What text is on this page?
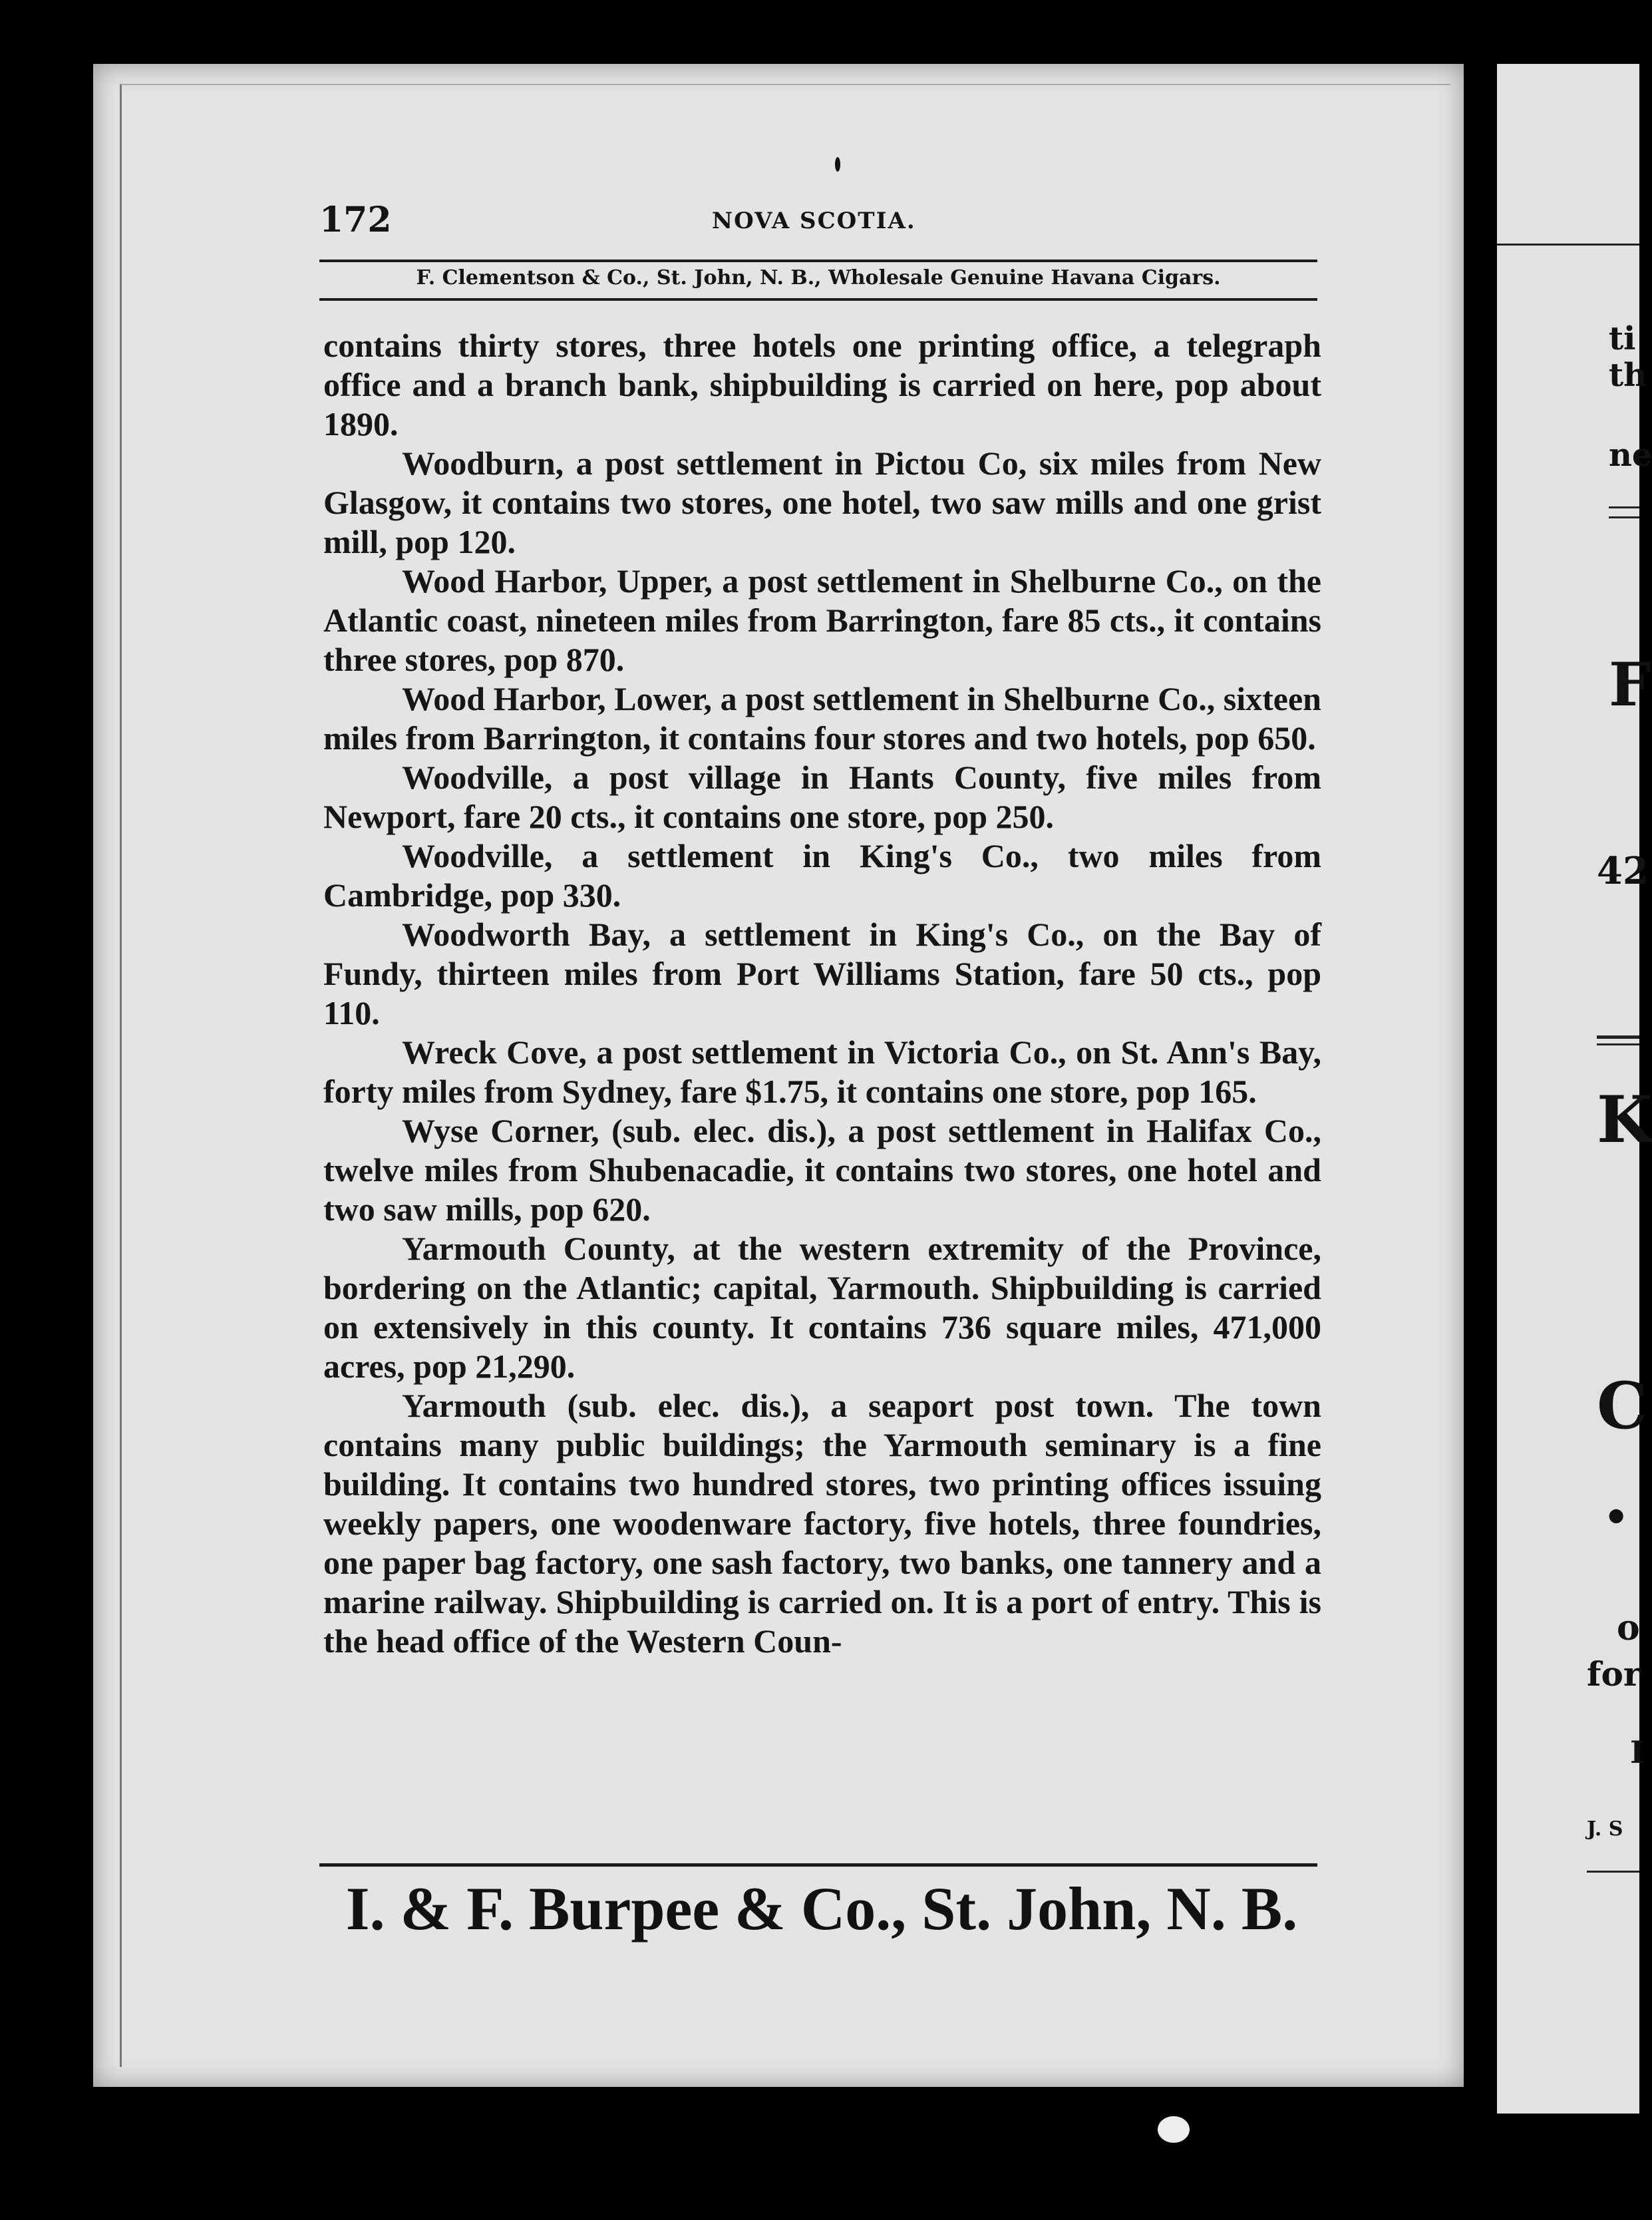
172	NOVA SCOTIA.
F. Clementson & Co., St. John, N. B., Wholesale Genuine Havana Cigars.

contains thirty stores, three hotels one printing office, a telegraph office and a branch bank, shipbuilding is carried on here, pop about 1890.

Woodburn, a post settlement in Pictou Co, six miles from New Glasgow, it contains two stores, one hotel, two saw mills and one grist mill, pop 120.

Wood Harbor, Upper, a post settlement in Shelburne Co., on the Atlantic coast, nineteen miles from Barrington, fare 85 cts., it contains three stores, pop 870.

Wood Harbor, Lower, a post settlement in Shelburne Co., sixteen miles from Barrington, it contains four stores and two hotels, pop 650.

Woodville, a post village in Hants County, five miles from Newport, fare 20 cts., it contains one store, pop 250.

Woodville, a settlement in King's Co., two miles from Cambridge, pop 330.

Woodworth Bay, a settlement in King's Co., on the Bay of Fundy, thirteen miles from Port Williams Station, fare 50 cts., pop 110.

Wreck Cove, a post settlement in Victoria Co., on St. Ann's Bay, forty miles from Sydney, fare $1.75, it contains one store, pop 165.

Wyse Corner, (sub. elec. dis.), a post settlement in Halifax Co., twelve miles from Shubenacadie, it contains two stores, one hotel and two saw mills, pop 620.

Yarmouth County, at the western extremity of the Province, bordering on the Atlantic; capital, Yarmouth. Shipbuilding is carried on extensively in this county. It contains 736 square miles, 471,000 acres, pop 21,290.

Yarmouth (sub. elec. dis.), a seaport post town. The town contains many public buildings; the Yarmouth seminary is a fine building. It contains two hundred stores, two printing offices issuing weekly papers, one woodenware factory, five hotels, three foundries, one paper bag factory, one sash factory, two banks, one tannery and a marine railway. Shipbuilding is carried on. It is a port of entry. This is the head office of the Western Coun-

I. & F. Burpee & Co., St. John, N. B.
ti
th
ne
F
42
K
C
•
o
for
I
J. S
